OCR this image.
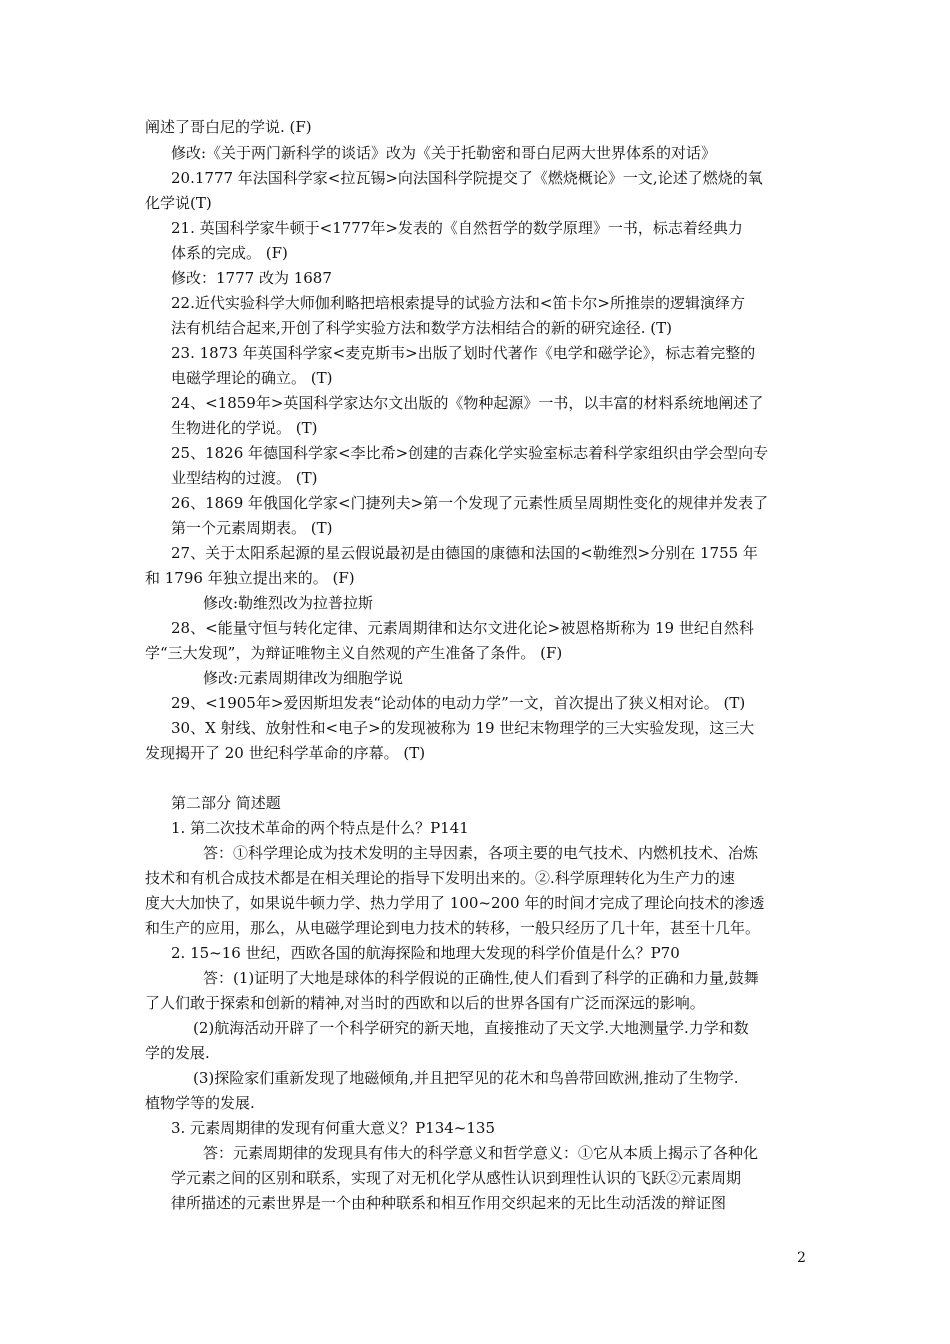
阐述了哥白尼的学说. (F)
修改:《关于两门新科学的谈话》改为《关于托勒密和哥白尼两大世界体系的对话》
20.1777 年法国科学家<拉瓦锡>向法国科学院提交了《燃烧概论》一文,论述了燃烧的氧
化学说(T)
21. 英国科学家牛顿于<1777年>发表的《自然哲学的数学原理》一书，标志着经典力
体系的完成。 (F)
修改：1777 改为 1687
22.近代实验科学大师伽利略把培根索提导的试验方法和<笛卡尔>所推崇的逻辑演绎方
法有机结合起来,开创了科学实验方法和数学方法相结合的新的研究途径. (T)
23. 1873 年英国科学家<麦克斯韦>出版了划时代著作《电学和磁学论》，标志着完整的
电磁学理论的确立。 (T)
24、<1859年>英国科学家达尔文出版的《物种起源》一书，以丰富的材料系统地阐述了
生物进化的学说。 (T)
25、1826 年德国科学家<李比希>创建的吉森化学实验室标志着科学家组织由学会型向专
业型结构的过渡。 (T)
26、1869 年俄国化学家<门捷列夫>第一个发现了元素性质呈周期性变化的规律并发表了
第一个元素周期表。 (T)
27、关于太阳系起源的星云假说最初是由德国的康德和法国的<勒维烈>分别在 1755 年
和 1796 年独立提出来的。 (F)
修改:勒维烈改为拉普拉斯
28、<能量守恒与转化定律、元素周期律和达尔文进化论>被恩格斯称为 19 世纪自然科
学“三大发现”，为辩证唯物主义自然观的产生准备了条件。 (F)
修改:元素周期律改为细胞学说
29、<1905年>爱因斯坦发表“论动体的电动力学”一文，首次提出了狭义相对论。 (T)
30、X 射线、放射性和<电子>的发现被称为 19 世纪末物理学的三大实验发现，这三大
发现揭开了 20 世纪科学革命的序幕。 (T)
第二部分 简述题
1. 第二次技术革命的两个特点是什么？P141
答：①科学理论成为技术发明的主导因素，各项主要的电气技术、内燃机技术、冶炼
技术和有机合成技术都是在相关理论的指导下发明出来的。②.科学原理转化为生产力的速
度大大加快了，如果说牛顿力学、热力学用了 100~200 年的时间才完成了理论向技术的渗透
和生产的应用，那么，从电磁学理论到电力技术的转移，一般只经历了几十年，甚至十几年。
2. 15~16 世纪，西欧各国的航海探险和地理大发现的科学价值是什么？P70
答：(1)证明了大地是球体的科学假说的正确性,使人们看到了科学的正确和力量,鼓舞
了人们敢于探索和创新的精神,对当时的西欧和以后的世界各国有广泛而深远的影响。
(2)航海活动开辟了一个科学研究的新天地，直接推动了天文学.大地测量学.力学和数
学的发展.
(3)探险家们重新发现了地磁倾角,并且把罕见的花木和鸟兽带回欧洲,推动了生物学.
植物学等的发展.
3. 元素周期律的发现有何重大意义？P134~135
答：元素周期律的发现具有伟大的科学意义和哲学意义：①它从本质上揭示了各种化
学元素之间的区别和联系，实现了对无机化学从感性认识到理性认识的飞跃②元素周期
律所描述的元素世界是一个由种种联系和相互作用交织起来的无比生动活泼的辩证图
2
